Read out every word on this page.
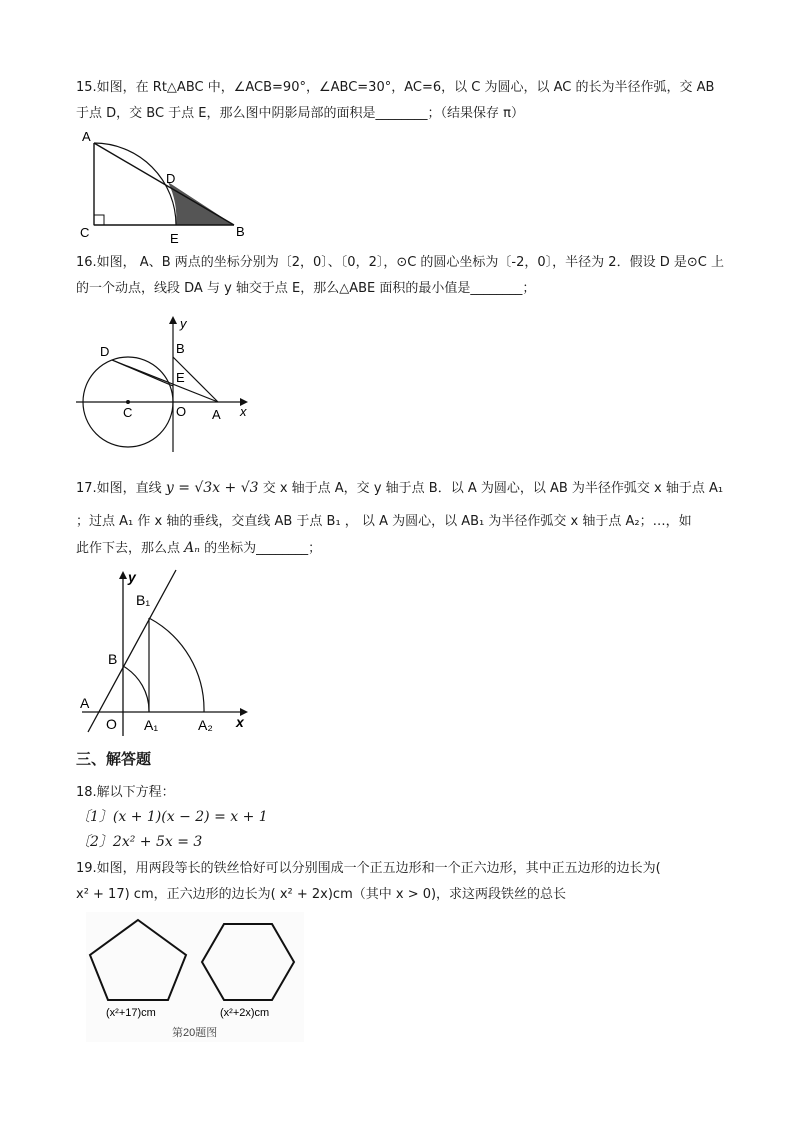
15.如图，在 Rt△ABC 中，∠ACB=90°，∠ABC=30°，AC=6，以 C 为圆心，以 AC 的长为半径作弧，交 AB 于点 D，交 BC 于点 E，那么图中阴影局部的面积是________；（结果保存 π）

A
D
C	E	B

16.如图， A、B 两点的坐标分别为〔2，0〕、〔0，2〕，⊙C 的圆心坐标为〔-2，0〕，半径为 2．假设 D 是⊙C 上的一个动点，线段 DA 与 y 轴交于点 E，那么△ABE 面积的最小值是________；

y
B
D
E
C	O A x

17.如图，直线 y = √3x + √3 交 x 轴于点 A，交 y 轴于点 B．以 A 为圆心，以 AB 为半径作弧交 x 轴于点 A₁

；过点 A₁ 作 x 轴的垂线，交直线 AB 于点 B₁ ， 以 A 为圆心，以 AB₁ 为半径作弧交 x 轴于点 A₂；…，如

此作下去，那么点 Aₙ 的坐标为________；

y
B₁
B
A
O A₁	A₂ x

三、解答题

18.解以下方程：

〔1〕(x + 1)(x − 2) = x + 1

〔2〕2x² + 5x = 3

19.如图，用两段等长的铁丝恰好可以分别围成一个正五边形和一个正六边形，其中正五边形的边长为(

x² + 17) cm，正六边形的边长为( x² + 2x)cm（其中 x > 0)，求这两段铁丝的总长

(x²+17)cm	(x²+2x)cm
第20题图
